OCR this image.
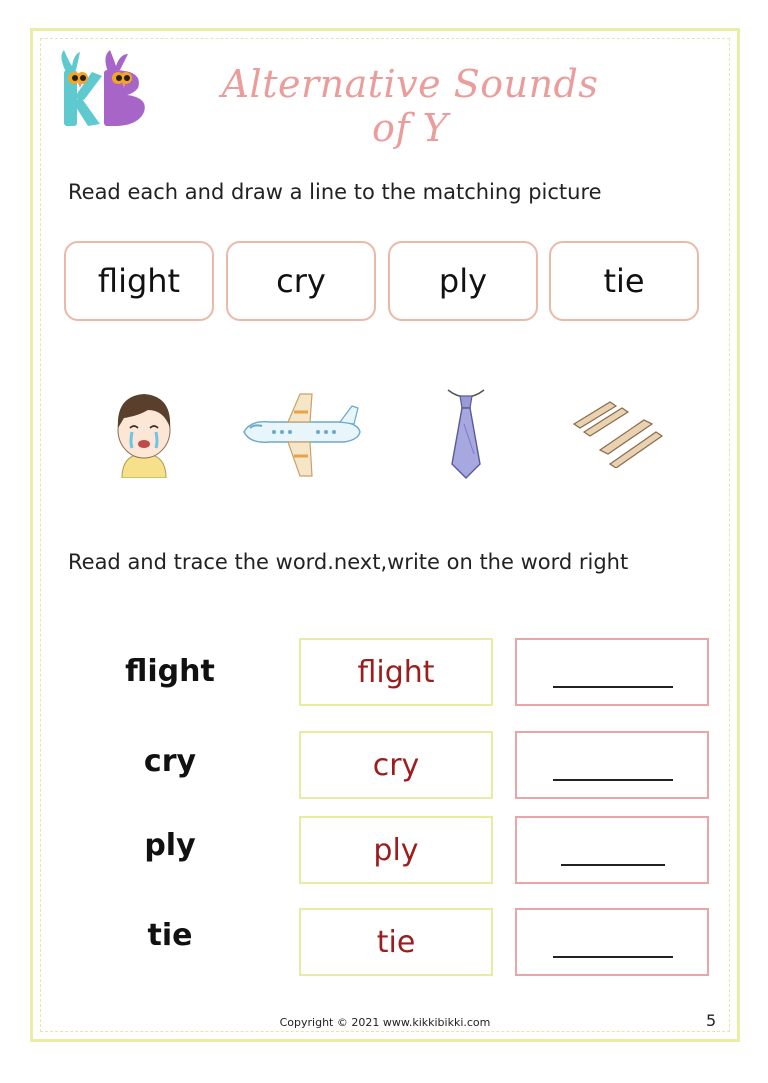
Alternative Sounds of Y
Read each and draw a line to the matching picture
flight	cry	ply	tie
Read and trace the word.next,write on the word right
flight	flight
cry	cry
ply	ply
tie	tie
Copyright © 2021 www.kikkibikki.com	5
